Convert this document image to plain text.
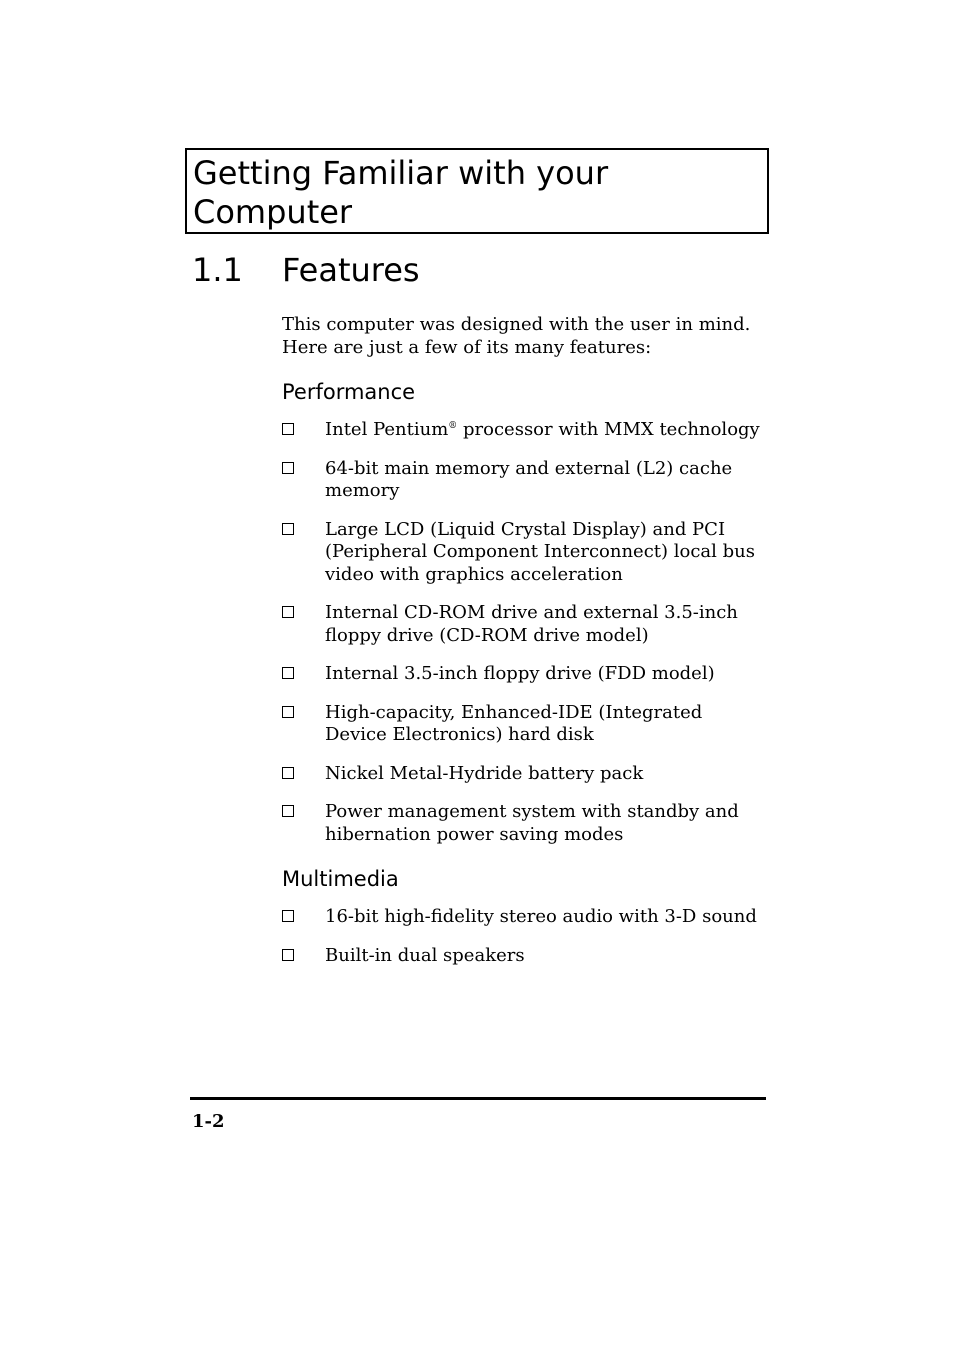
Getting Familiar with your Computer
1.1 Features

This computer was designed with the user in mind. Here are just a few of its many features:

Performance
Intel Pentium® processor with MMX technology
64-bit main memory and external (L2) cache memory
Large LCD (Liquid Crystal Display) and PCI (Peripheral Component Interconnect) local bus video with graphics acceleration
Internal CD-ROM drive and external 3.5-inch floppy drive (CD-ROM drive model)
Internal 3.5-inch floppy drive (FDD model)
High-capacity, Enhanced-IDE (Integrated Device Electronics) hard disk
Nickel Metal-Hydride battery pack
Power management system with standby and hibernation power saving modes
Multimedia
16-bit high-fidelity stereo audio with 3-D sound
Built-in dual speakers
1-2
